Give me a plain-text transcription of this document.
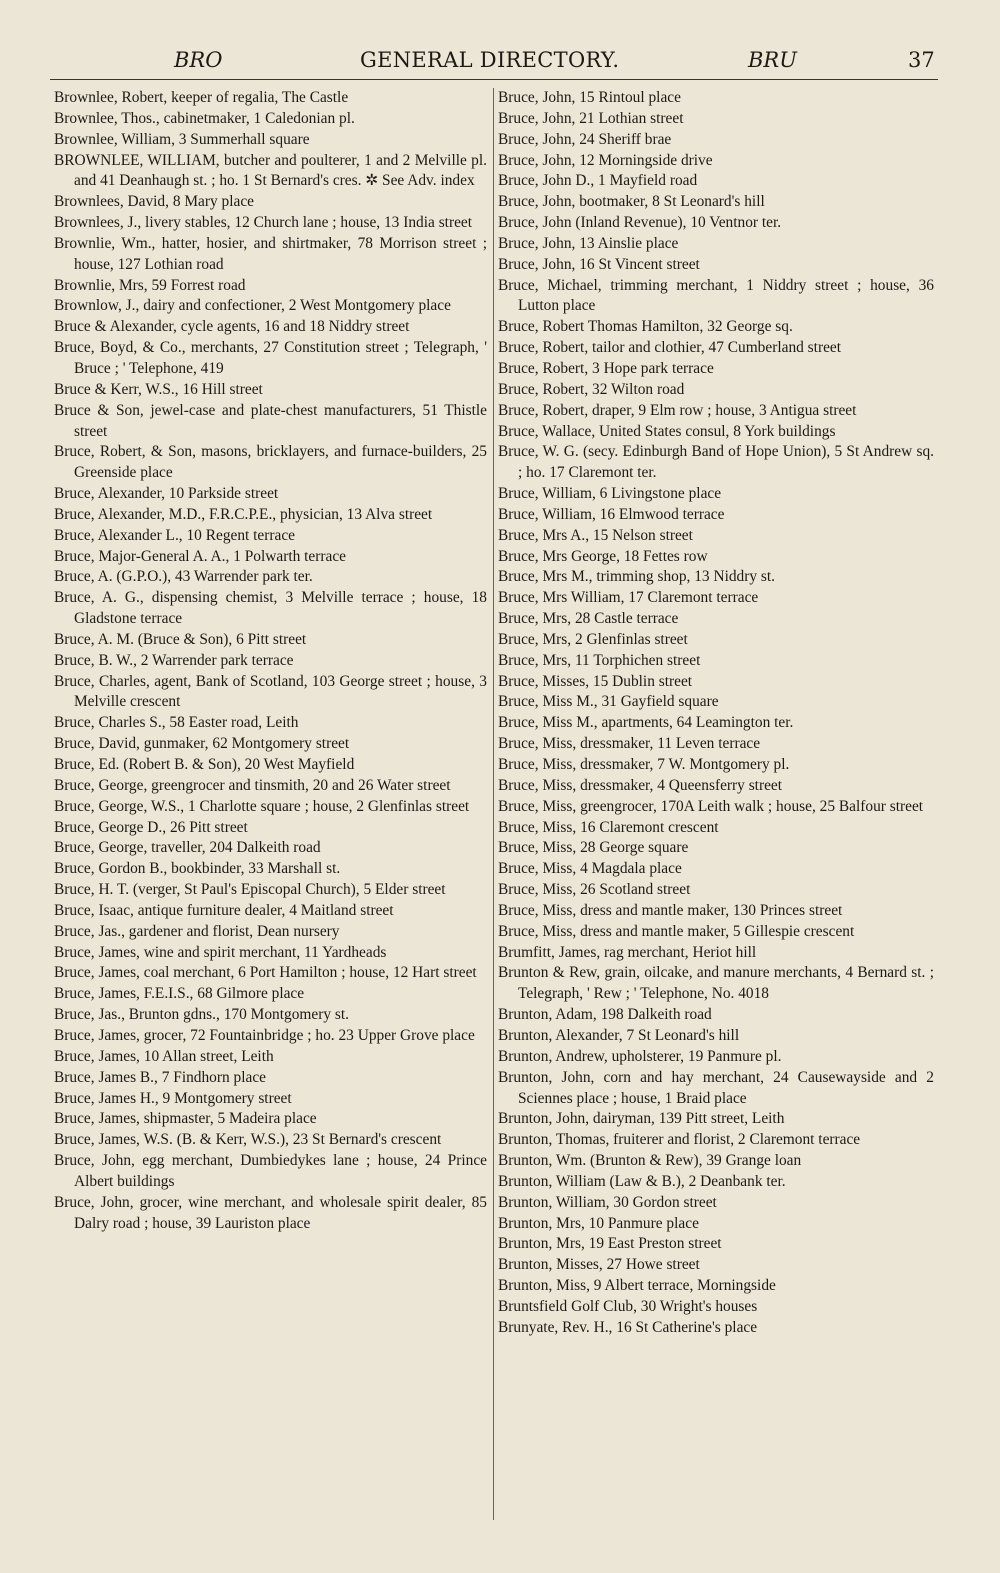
BRO	GENERAL DIRECTORY.	BRU	37
Brownlee, Robert, keeper of regalia, The Castle
Brownlee, Thos., cabinetmaker, 1 Caledonian pl.
Brownlee, William, 3 Summerhall square
BROWNLEE, WILLIAM, butcher and poulterer, 1 and 2 Melville pl. and 41 Deanhaugh st. ; ho. 1 St Bernard's cres. ✲ See Adv. index
Brownlees, David, 8 Mary place
Brownlees, J., livery stables, 12 Church lane ; house, 13 India street
Brownlie, Wm., hatter, hosier, and shirtmaker, 78 Morrison street ; house, 127 Lothian road
Brownlie, Mrs, 59 Forrest road
Brownlow, J., dairy and confectioner, 2 West Montgomery place
Bruce & Alexander, cycle agents, 16 and 18 Niddry street
Bruce, Boyd, & Co., merchants, 27 Constitution street ; Telegraph, ' Bruce ; ' Telephone, 419
Bruce & Kerr, W.S., 16 Hill street
Bruce & Son, jewel-case and plate-chest manufacturers, 51 Thistle street
Bruce, Robert, & Son, masons, bricklayers, and furnace-builders, 25 Greenside place
Bruce, Alexander, 10 Parkside street
Bruce, Alexander, M.D., F.R.C.P.E., physician, 13 Alva street
Bruce, Alexander L., 10 Regent terrace
Bruce, Major-General A. A., 1 Polwarth terrace
Bruce, A. (G.P.O.), 43 Warrender park ter.
Bruce, A. G., dispensing chemist, 3 Melville terrace ; house, 18 Gladstone terrace
Bruce, A. M. (Bruce & Son), 6 Pitt street
Bruce, B. W., 2 Warrender park terrace
Bruce, Charles, agent, Bank of Scotland, 103 George street ; house, 3 Melville crescent
Bruce, Charles S., 58 Easter road, Leith
Bruce, David, gunmaker, 62 Montgomery street
Bruce, Ed. (Robert B. & Son), 20 West Mayfield
Bruce, George, greengrocer and tinsmith, 20 and 26 Water street
Bruce, George, W.S., 1 Charlotte square ; house, 2 Glenfinlas street
Bruce, George D., 26 Pitt street
Bruce, George, traveller, 204 Dalkeith road
Bruce, Gordon B., bookbinder, 33 Marshall st.
Bruce, H. T. (verger, St Paul's Episcopal Church), 5 Elder street
Bruce, Isaac, antique furniture dealer, 4 Maitland street
Bruce, Jas., gardener and florist, Dean nursery
Bruce, James, wine and spirit merchant, 11 Yardheads
Bruce, James, coal merchant, 6 Port Hamilton ; house, 12 Hart street
Bruce, James, F.E.I.S., 68 Gilmore place
Bruce, Jas., Brunton gdns., 170 Montgomery st.
Bruce, James, grocer, 72 Fountainbridge ; ho. 23 Upper Grove place
Bruce, James, 10 Allan street, Leith
Bruce, James B., 7 Findhorn place
Bruce, James H., 9 Montgomery street
Bruce, James, shipmaster, 5 Madeira place
Bruce, James, W.S. (B. & Kerr, W.S.), 23 St Bernard's crescent
Bruce, John, egg merchant, Dumbiedykes lane ; house, 24 Prince Albert buildings
Bruce, John, grocer, wine merchant, and wholesale spirit dealer, 85 Dalry road ; house, 39 Lauriston place
Bruce, John, 15 Rintoul place
Bruce, John, 21 Lothian street
Bruce, John, 24 Sheriff brae
Bruce, John, 12 Morningside drive
Bruce, John D., 1 Mayfield road
Bruce, John, bootmaker, 8 St Leonard's hill
Bruce, John (Inland Revenue), 10 Ventnor ter.
Bruce, John, 13 Ainslie place
Bruce, John, 16 St Vincent street
Bruce, Michael, trimming merchant, 1 Niddry street ; house, 36 Lutton place
Bruce, Robert Thomas Hamilton, 32 George sq.
Bruce, Robert, tailor and clothier, 47 Cumberland street
Bruce, Robert, 3 Hope park terrace
Bruce, Robert, 32 Wilton road
Bruce, Robert, draper, 9 Elm row ; house, 3 Antigua street
Bruce, Wallace, United States consul, 8 York buildings
Bruce, W. G. (secy. Edinburgh Band of Hope Union), 5 St Andrew sq. ; ho. 17 Claremont ter.
Bruce, William, 6 Livingstone place
Bruce, William, 16 Elmwood terrace
Bruce, Mrs A., 15 Nelson street
Bruce, Mrs George, 18 Fettes row
Bruce, Mrs M., trimming shop, 13 Niddry st.
Bruce, Mrs William, 17 Claremont terrace
Bruce, Mrs, 28 Castle terrace
Bruce, Mrs, 2 Glenfinlas street
Bruce, Mrs, 11 Torphichen street
Bruce, Misses, 15 Dublin street
Bruce, Miss M., 31 Gayfield square
Bruce, Miss M., apartments, 64 Leamington ter.
Bruce, Miss, dressmaker, 11 Leven terrace
Bruce, Miss, dressmaker, 7 W. Montgomery pl.
Bruce, Miss, dressmaker, 4 Queensferry street
Bruce, Miss, greengrocer, 170A Leith walk ; house, 25 Balfour street
Bruce, Miss, 16 Claremont crescent
Bruce, Miss, 28 George square
Bruce, Miss, 4 Magdala place
Bruce, Miss, 26 Scotland street
Bruce, Miss, dress and mantle maker, 130 Princes street
Bruce, Miss, dress and mantle maker, 5 Gillespie crescent
Brumfitt, James, rag merchant, Heriot hill
Brunton & Rew, grain, oilcake, and manure merchants, 4 Bernard st. ; Telegraph, ' Rew ; ' Telephone, No. 4018
Brunton, Adam, 198 Dalkeith road
Brunton, Alexander, 7 St Leonard's hill
Brunton, Andrew, upholsterer, 19 Panmure pl.
Brunton, John, corn and hay merchant, 24 Causewayside and 2 Sciennes place ; house, 1 Braid place
Brunton, John, dairyman, 139 Pitt street, Leith
Brunton, Thomas, fruiterer and florist, 2 Claremont terrace
Brunton, Wm. (Brunton & Rew), 39 Grange loan
Brunton, William (Law & B.), 2 Deanbank ter.
Brunton, William, 30 Gordon street
Brunton, Mrs, 10 Panmure place
Brunton, Mrs, 19 East Preston street
Brunton, Misses, 27 Howe street
Brunton, Miss, 9 Albert terrace, Morningside
Bruntsfield Golf Club, 30 Wright's houses
Brunyate, Rev. H., 16 St Catherine's place
